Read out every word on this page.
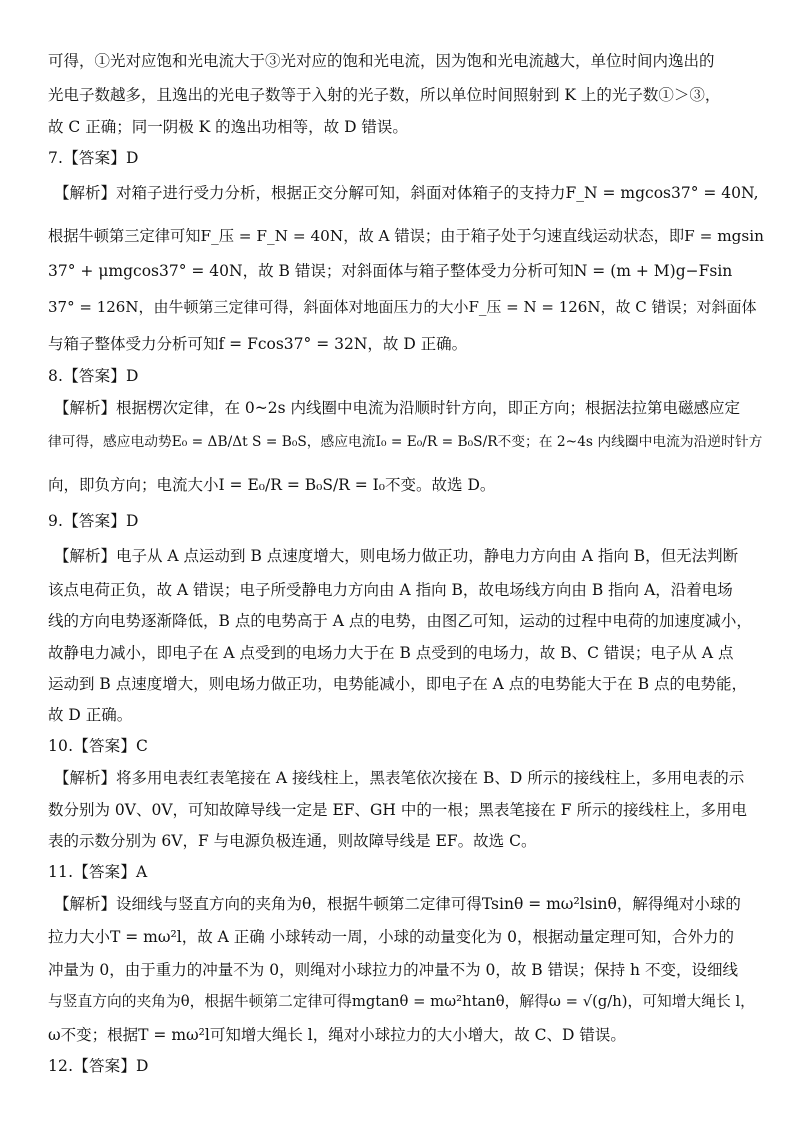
可得，①光对应饱和光电流大于③光对应的饱和光电流，因为饱和光电流越大，单位时间内逸出的
光电子数越多，且逸出的光电子数等于入射的光子数，所以单位时间照射到 K 上的光子数①＞③，
故 C 正确；同一阴极 K 的逸出功相等，故 D 错误。
7.【答案】D
【解析】对箱子进行受力分析，根据正交分解可知，斜面对体箱子的支持力F_N = mgcos37° = 40N,
根据牛顿第三定律可知F_压 = F_N = 40N，故 A 错误；由于箱子处于匀速直线运动状态，即F = mgsin
37° + μmgcos37° = 40N，故 B 错误；对斜面体与箱子整体受力分析可知N = (m + M)g−Fsin
37° = 126N，由牛顿第三定律可得，斜面体对地面压力的大小F_压 = N = 126N，故 C 错误；对斜面体
与箱子整体受力分析可知f = Fcos37° = 32N，故 D 正确。
8.【答案】D
【解析】根据楞次定律，在 0~2s 内线圈中电流为沿顺时针方向，即正方向；根据法拉第电磁感应定
律可得，感应电动势E₀ = ΔB/Δt S = B₀S，感应电流I₀ = E₀/R = B₀S/R不变；在 2~4s 内线圈中电流为沿逆时针方
向，即负方向；电流大小I = E₀/R = B₀S/R = I₀不变。故选 D。
9.【答案】D
【解析】电子从 A 点运动到 B 点速度增大，则电场力做正功，静电力方向由 A 指向 B，但无法判断
该点电荷正负，故 A 错误；电子所受静电力方向由 A 指向 B，故电场线方向由 B 指向 A，沿着电场
线的方向电势逐渐降低，B 点的电势高于 A 点的电势，由图乙可知，运动的过程中电荷的加速度减小，
故静电力减小，即电子在 A 点受到的电场力大于在 B 点受到的电场力，故 B、C 错误；电子从 A 点
运动到 B 点速度增大，则电场力做正功，电势能减小，即电子在 A 点的电势能大于在 B 点的电势能，
故 D 正确。
10.【答案】C
【解析】将多用电表红表笔接在 A 接线柱上，黑表笔依次接在 B、D 所示的接线柱上，多用电表的示
数分别为 0V、0V，可知故障导线一定是 EF、GH 中的一根；黑表笔接在 F 所示的接线柱上，多用电
表的示数分别为 6V，F 与电源负极连通，则故障导线是 EF。故选 C。
11.【答案】A
【解析】设细线与竖直方向的夹角为θ，根据牛顿第二定律可得Tsinθ = mω²lsinθ，解得绳对小球的
拉力大小T = mω²l，故 A 正确 小球转动一周，小球的动量变化为 0，根据动量定理可知，合外力的
冲量为 0，由于重力的冲量不为 0，则绳对小球拉力的冲量不为 0，故 B 错误；保持 h 不变，设细线
与竖直方向的夹角为θ，根据牛顿第二定律可得mgtanθ = mω²htanθ，解得ω = √(g/h)，可知增大绳长 l，
ω不变；根据T = mω²l可知增大绳长 l，绳对小球拉力的大小增大，故 C、D 错误。
12.【答案】D
